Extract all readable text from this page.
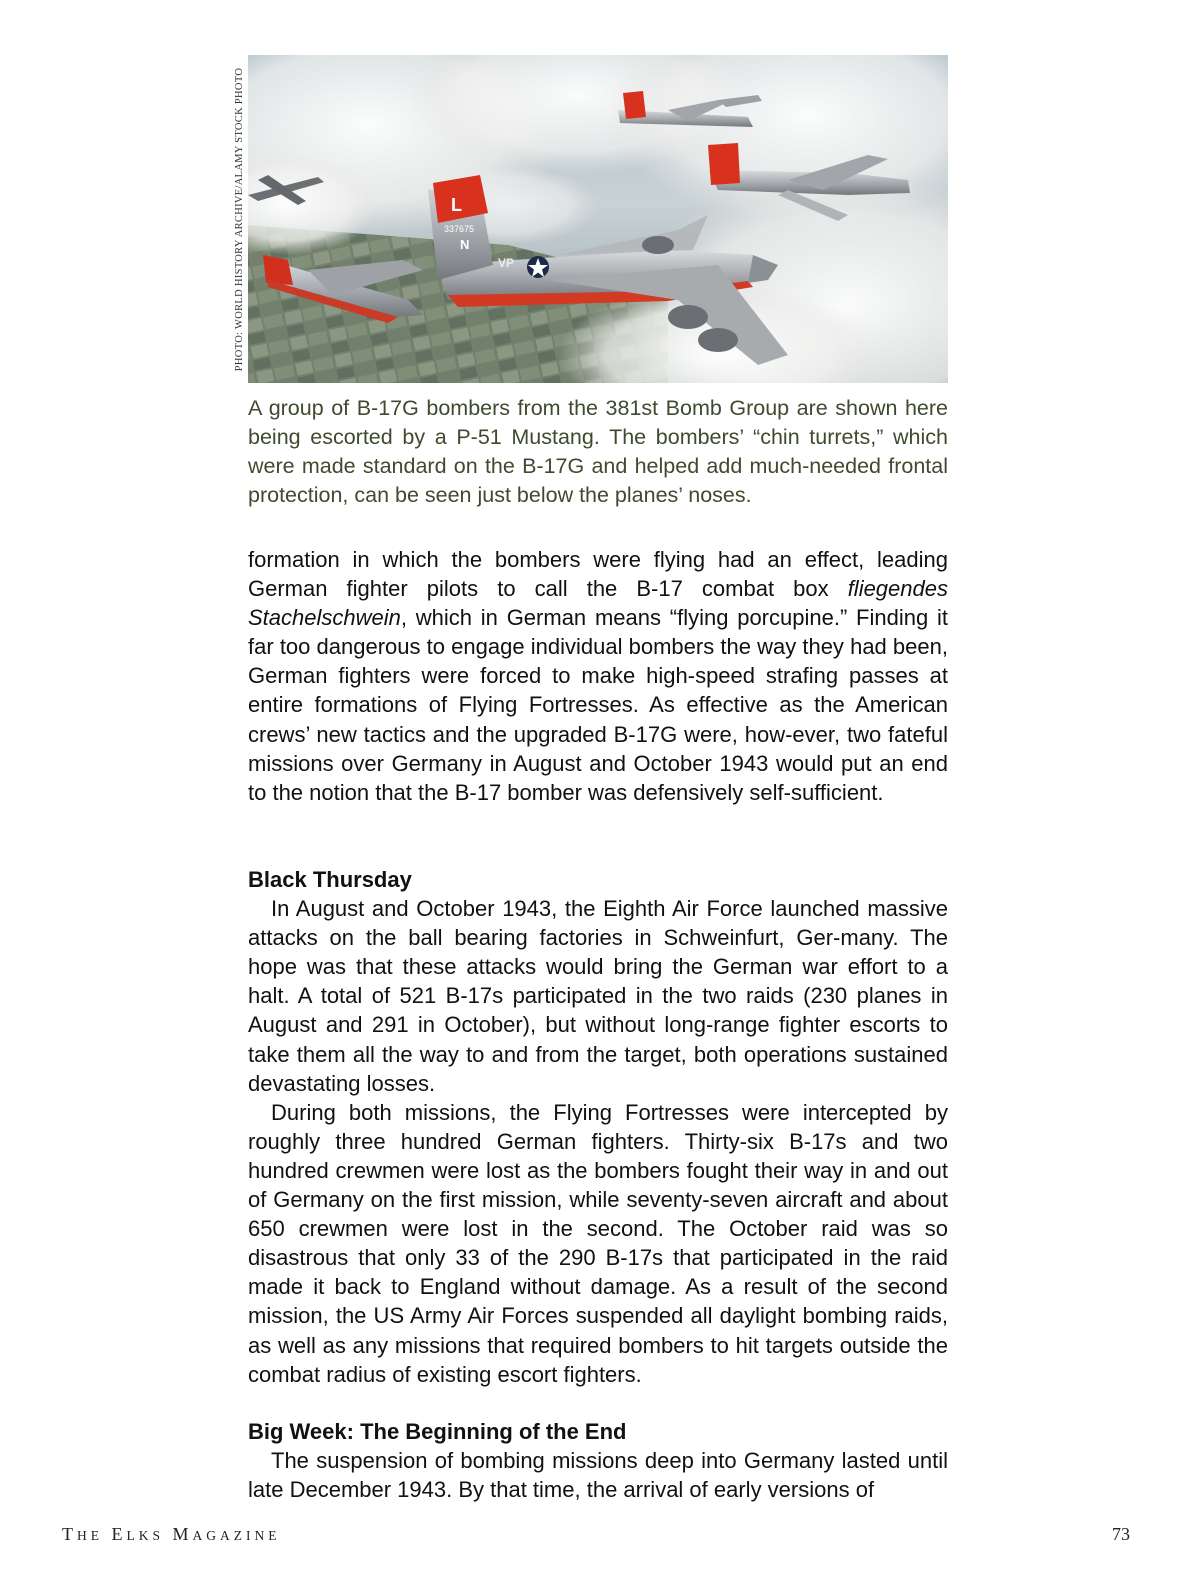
PHOTO: WORLD HISTORY ARCHIVE/ALAMY STOCK PHOTO	L
337675
N
VP

A group of B-17G bombers from the 381st Bomb Group are shown here being escorted by a P-51 Mustang. The bombers’ “chin turrets,” which were made standard on the B-17G and helped add much-needed frontal protection, can be seen just below the planes’ noses.

formation in which the bombers were flying had an effect, leading German fighter pilots to call the B-17 combat box fliegendes Stachelschwein, which in German means “flying porcupine.” Finding it far too dangerous to engage individual bombers the way they had been, German fighters were forced to make high-speed strafing passes at entire formations of Flying Fortresses. As effective as the American crews’ new tactics and the upgraded B-17G were, how-ever, two fateful missions over Germany in August and October 1943 would put an end to the notion that the B-17 bomber was defensively self-sufficient.

Black Thursday

In August and October 1943, the Eighth Air Force launched massive attacks on the ball bearing factories in Schweinfurt, Ger-many. The hope was that these attacks would bring the German war effort to a halt. A total of 521 B-17s participated in the two raids (230 planes in August and 291 in October), but without long-range fighter escorts to take them all the way to and from the target, both operations sustained devastating losses.

During both missions, the Flying Fortresses were intercepted by roughly three hundred German fighters. Thirty-six B-17s and two hundred crewmen were lost as the bombers fought their way in and out of Germany on the first mission, while seventy-seven aircraft and about 650 crewmen were lost in the second. The October raid was so disastrous that only 33 of the 290 B-17s that participated in the raid made it back to England without damage. As a result of the second mission, the US Army Air Forces suspended all daylight bombing raids, as well as any missions that required bombers to hit targets outside the combat radius of existing escort fighters.

Big Week: The Beginning of the End

The suspension of bombing missions deep into Germany lasted until late December 1943. By that time, the arrival of early versions of

THE ELKS MAGAZINE	73
